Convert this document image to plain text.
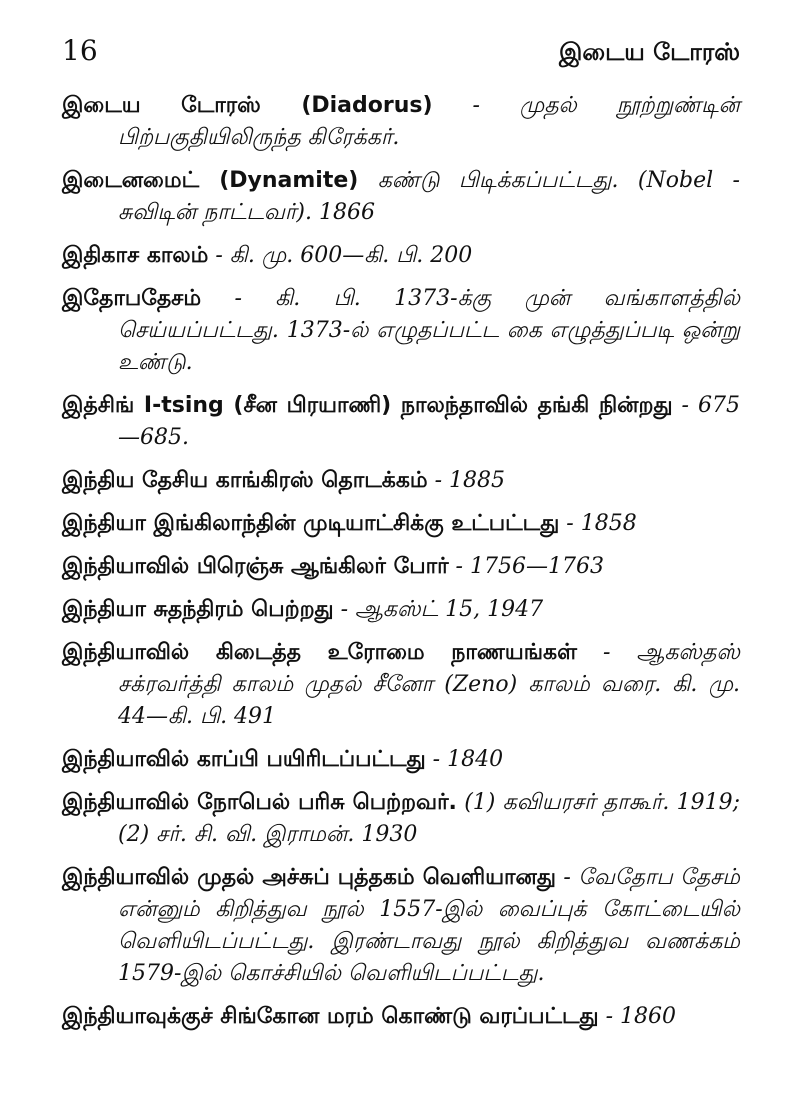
16	இடைய டோரஸ்

இடைய டோரஸ் (Diadorus) - முதல் நூற்றுண்டின் பிற்பகுதியிலிருந்த கிரேக்கர்.

இடைனமைட் (Dynamite) கண்டு பிடிக்கப்பட்டது. (Nobel - சுவிடின் நாட்டவர்). 1866

இதிகாச காலம் - கி. மு. 600—கி. பி. 200

இதோபதேசம் - கி. பி. 1373-க்கு முன் வங்காளத்தில் செய்யப்பட்டது. 1373-ல் எழுதப்பட்ட கை எழுத்துப்படி ஒன்று உண்டு.

இத்சிங் I-tsing (சீன பிரயாணி) நாலந்தாவில் தங்கி நின்றது - 675—685.

இந்திய தேசிய காங்கிரஸ் தொடக்கம் - 1885

இந்தியா இங்கிலாந்தின் முடியாட்சிக்கு உட்பட்டது - 1858

இந்தியாவில் பிரெஞ்சு ஆங்கிலர் போர் - 1756—1763

இந்தியா சுதந்திரம் பெற்றது - ஆகஸ்ட் 15, 1947

இந்தியாவில் கிடைத்த உரோமை நாணயங்கள் - ஆகஸ்தஸ் சக்ரவர்த்தி காலம் முதல் சீனோ (Zeno) காலம் வரை. கி. மு. 44—கி. பி. 491

இந்தியாவில் காப்பி பயிரிடப்பட்டது - 1840

இந்தியாவில் நோபெல் பரிசு பெற்றவர். (1) கவியரசர் தாகூர். 1919; (2) சர். சி. வி. இராமன். 1930

இந்தியாவில் முதல் அச்சுப் புத்தகம் வெளியானது - வேதோப தேசம் என்னும் கிறித்துவ நூல் 1557-இல் வைப்புக் கோட்டையில் வெளியிடப்பட்டது. இரண்டாவது நூல் கிறித்துவ வணக்கம் 1579-இல் கொச்சியில் வெளியிடப்பட்டது.

இந்தியாவுக்குச் சிங்கோன மரம் கொண்டு வரப்பட்டது - 1860
